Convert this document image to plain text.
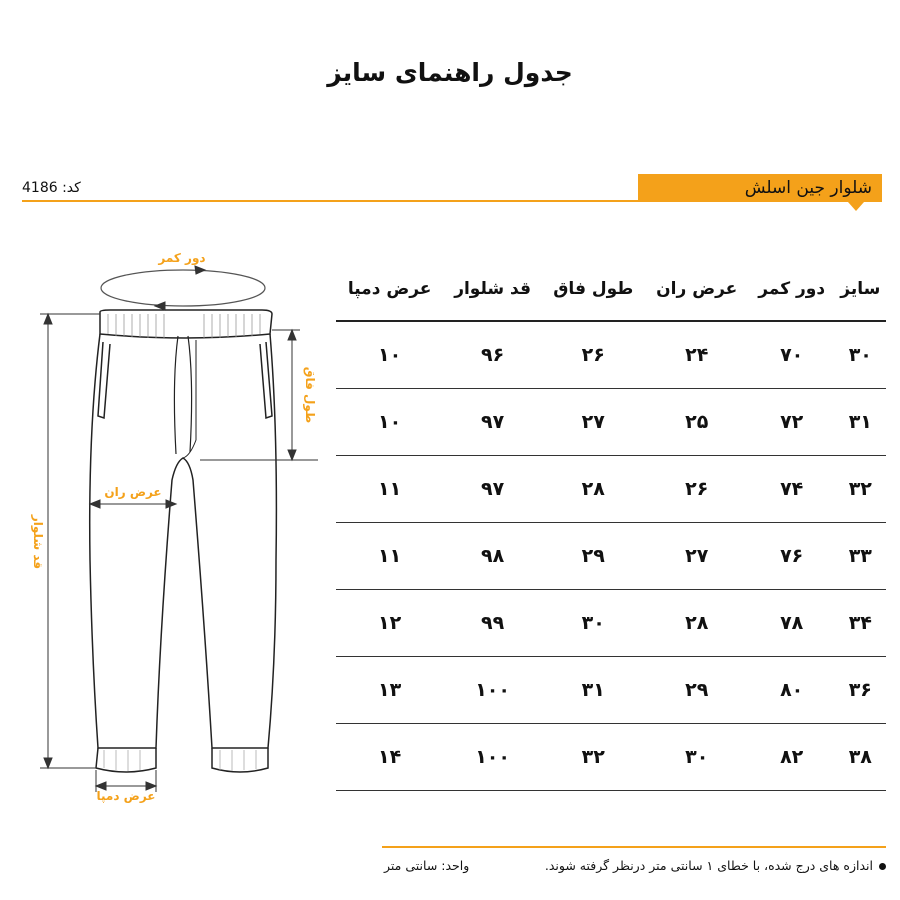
جدول راهنمای سایز
4186 کد:	شلوار جین اسلش
دور کمر
عرض ران
عرض دمپا
طول فاق
قد شلوار
سایز	دور کمر	عرض ران	طول فاق	قد شلوار	عرض دمپا
۳۰	۷۰	۲۴	۲۶	۹۶	۱۰
۳۱	۷۲	۲۵	۲۷	۹۷	۱۰
۳۲	۷۴	۲۶	۲۸	۹۷	۱۱
۳۳	۷۶	۲۷	۲۹	۹۸	۱۱
۳۴	۷۸	۲۸	۳۰	۹۹	۱۲
۳۶	۸۰	۲۹	۳۱	۱۰۰	۱۳
۳۸	۸۲	۳۰	۳۲	۱۰۰	۱۴
اندازه های درج شده، با خطای ۱ سانتی متر درنظر گرفته شوند.
واحد: سانتی متر
